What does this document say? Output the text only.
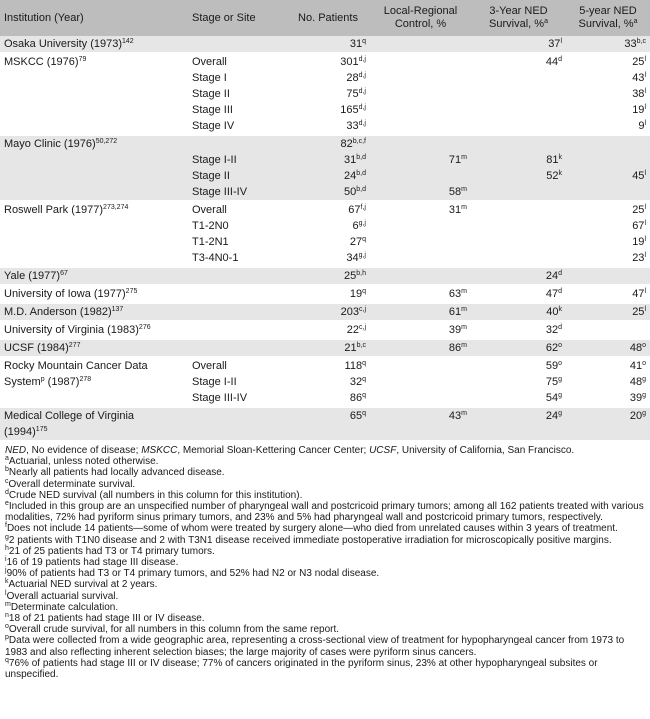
Institution (Year)	Stage or Site	No. Patients	Local-Regional Control, %	3-Year NED Survival, %$^a$	5-year NED Survival, %$^a$
Osaka University $(1973)^{142}$		31$^q$		37$^l$	33$^{b,c}$
MSKCC $(1976)^{79}$	Overall	301$^{d,j}$		44$^d$	25$^l$
	Stage I	28$^{d,j}$			43$^l$
	Stage II	75$^{d,j}$			38$^l$
	Stage III	165$^{d,j}$			19$^l$
	Stage IV	33$^{d,j}$			9$^l$
Mayo Clinic $(1976)^{50,272}$		82$^{b,c,f}$			
	Stage I-II	31$^{b,d}$	71$^m$	81$^k$	
	Stage II	24$^{b,d}$		52$^k$	45$^l$
	Stage III-IV	50$^{b,d}$	58$^m$		
Roswell Park $(1977)^{273,274}$	Overall	67$^{f,j}$	31$^m$		25$^l$
	T1-2N0	6$^{g,j}$			67$^l$
	T1-2N1	27$^q$			19$^l$
	T3-4N0-1	34$^{g,j}$			23$^l$
Yale $(1977)^{67}$		25$^{b,h}$		24$^d$	
University of Iowa $(1977)^{275}$		19$^q$	63$^m$	47$^d$	47$^l$
M.D. Anderson $(1982)^{137}$		203$^{c,j}$	61$^m$	40$^k$	25$^l$
University of Virginia $(1983)^{276}$		22$^{c,j}$	39$^m$	32$^d$	
UCSF $(1984)^{277}$		21$^{b,c}$	86$^m$	62$^o$	48$^o$
Rocky Mountain Cancer Data	Overall	118$^q$		59$^o$	41$^o$
System$^p$ $(1987)^{278}$	Stage I-II	32$^q$		75$^g$	48$^g$
	Stage III-IV	86$^q$		54$^g$	39$^g$
Medical College of Virginia		65$^q$	43$^m$	24$^g$	20$^g$
$(1994)^{175}$					
NED, No evidence of disease; MSKCC, Memorial Sloan-Kettering Cancer Center; UCSF, University of California, San Francisco.
$^a$Actuarial, unless noted otherwise.
$^b$Nearly all patients had locally advanced disease.
$^c$Overall determinate survival.
$^d$Crude NED survival (all numbers in this column for this institution).
$^e$Included in this group are an unspecified number of pharyngeal wall and postcricoid primary tumors; among all 162 patients treated with various modalities, 72% had pyriform sinus primary tumors, and 23% and 5% had pharyngeal wall and postcricoid primary tumors, respectively.
$^f$Does not include 14 patients—some of whom were treated by surgery alone—who died from unrelated causes within 3 years of treatment.
$^g$2 patients with T1N0 disease and 2 with T3N1 disease received immediate postoperative irradiation for microscopically positive margins.
$^h$21 of 25 patients had T3 or T4 primary tumors.
$^i$16 of 19 patients had stage III disease.
$^j$90% of patients had T3 or T4 primary tumors, and 52% had N2 or N3 nodal disease.
$^k$Actuarial NED survival at 2 years.
$^l$Overall actuarial survival.
$^m$Determinate calculation.
$^n$18 of 21 patients had stage III or IV disease.
$^o$Overall crude survival, for all numbers in this column from the same report.
$^p$Data were collected from a wide geographic area, representing a cross-sectional view of treatment for hypopharyngeal cancer from 1973 to 1983 and also reflecting inherent selection biases; the large majority of cases were pyriform sinus cancers.
$^q$76% of patients had stage III or IV disease; 77% of cancers originated in the pyriform sinus, 23% at other hypopharyngeal subsites or unspecified.
